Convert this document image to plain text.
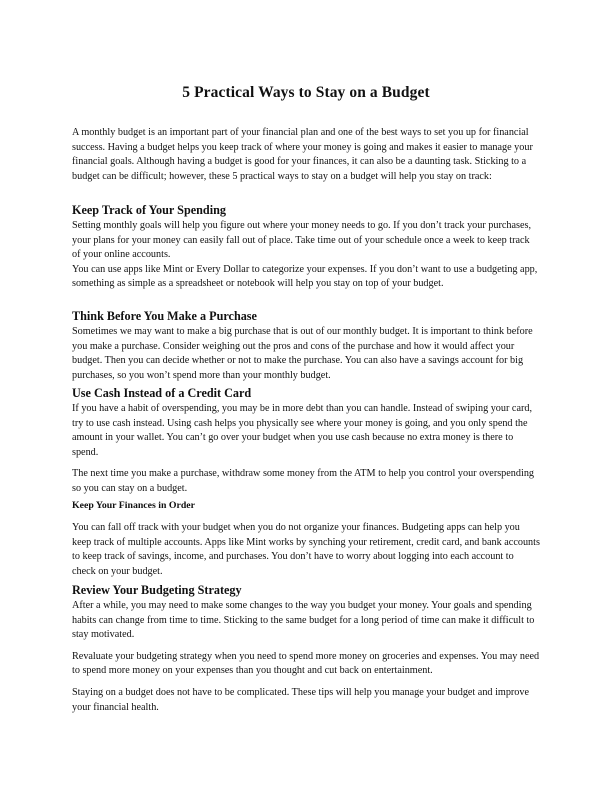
5 Practical Ways to Stay on a Budget

A monthly budget is an important part of your financial plan and one of the best ways to set you up for financial success. Having a budget helps you keep track of where your money is going and makes it easier to manage your financial goals. Although having a budget is good for your finances, it can also be a daunting task. Sticking to a budget can be difficult; however, these 5 practical ways to stay on a budget will help you stay on track:

Keep Track of Your Spending

Setting monthly goals will help you figure out where your money needs to go. If you don’t track your purchases, your plans for your money can easily fall out of place. Take time out of your schedule once a week to keep track of your online accounts.

You can use apps like Mint or Every Dollar to categorize your expenses. If you don’t want to use a budgeting app, something as simple as a spreadsheet or notebook will help you stay on top of your budget.

Think Before You Make a Purchase

Sometimes we may want to make a big purchase that is out of our monthly budget. It is important to think before you make a purchase. Consider weighing out the pros and cons of the purchase and how it would affect your budget. Then you can decide whether or not to make the purchase. You can also have a savings account for big purchases, so you won’t spend more than your monthly budget.

Use Cash Instead of a Credit Card

If you have a habit of overspending, you may be in more debt than you can handle. Instead of swiping your card, try to use cash instead. Using cash helps you physically see where your money is going, and you only spend the amount in your wallet. You can’t go over your budget when you use cash because no extra money is there to spend.

The next time you make a purchase, withdraw some money from the ATM to help you control your overspending so you can stay on a budget.

Keep Your Finances in Order

You can fall off track with your budget when you do not organize your finances. Budgeting apps can help you keep track of multiple accounts. Apps like Mint works by synching your retirement, credit card, and bank accounts to keep track of savings, income, and purchases. You don’t have to worry about logging into each account to check on your budget.

Review Your Budgeting Strategy

After a while, you may need to make some changes to the way you budget your money. Your goals and spending habits can change from time to time. Sticking to the same budget for a long period of time can make it difficult to stay motivated.

Revaluate your budgeting strategy when you need to spend more money on groceries and expenses. You may need to spend more money on your expenses than you thought and cut back on entertainment.

Staying on a budget does not have to be complicated. These tips will help you manage your budget and improve your financial health.
